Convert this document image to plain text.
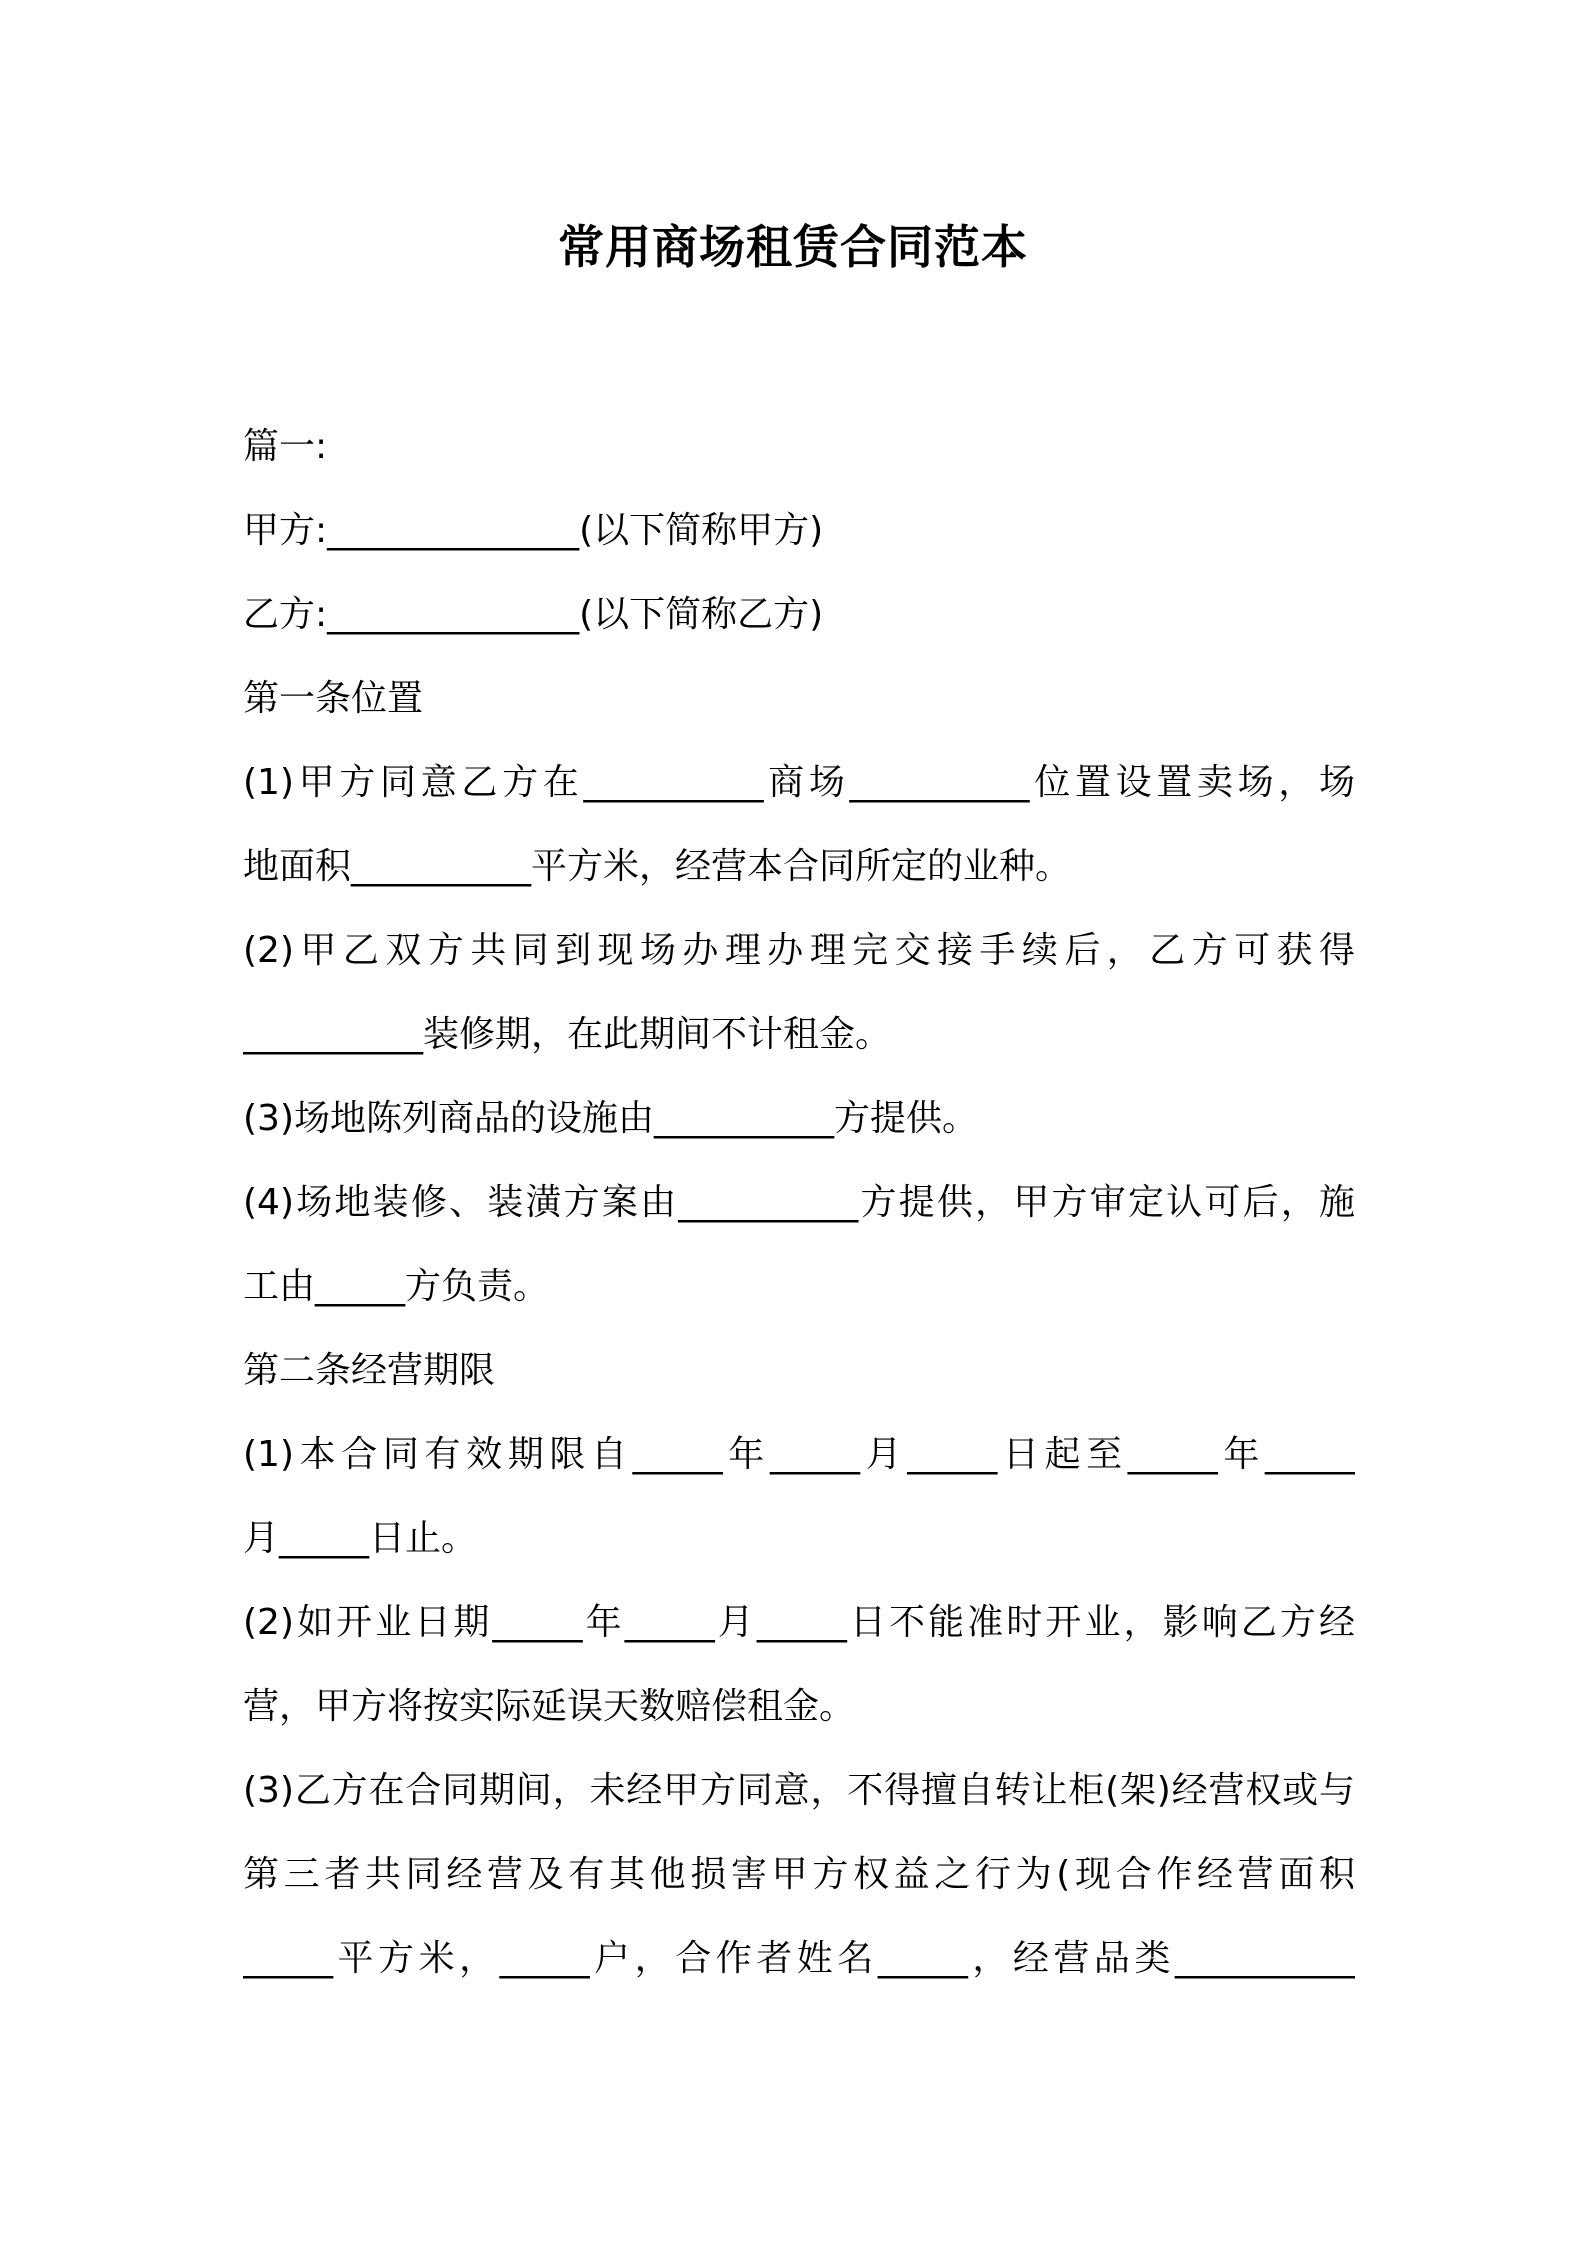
常用商场租赁合同范本
篇一:
甲方:______________(以下简称甲方)
乙方:______________(以下简称乙方)
第一条位置
(1)甲方同意乙方在__________商场__________位置设置卖场，场
地面积__________平方米，经营本合同所定的业种。
(2)甲乙双方共同到现场办理办理完交接手续后，乙方可获得
__________装修期，在此期间不计租金。
(3)场地陈列商品的设施由__________方提供。
(4)场地装修、装潢方案由__________方提供，甲方审定认可后，施
工由_____方负责。
第二条经营期限
(1)本合同有效期限自_____年_____月_____日起至_____年_____
月_____日止。
(2)如开业日期_____年_____月_____日不能准时开业，影响乙方经
营，甲方将按实际延误天数赔偿租金。
(3)乙方在合同期间，未经甲方同意，不得擅自转让柜(架)经营权或与
第三者共同经营及有其他损害甲方权益之行为(现合作经营面积
_____平方米，_____户，合作者姓名_____，经营品类__________
